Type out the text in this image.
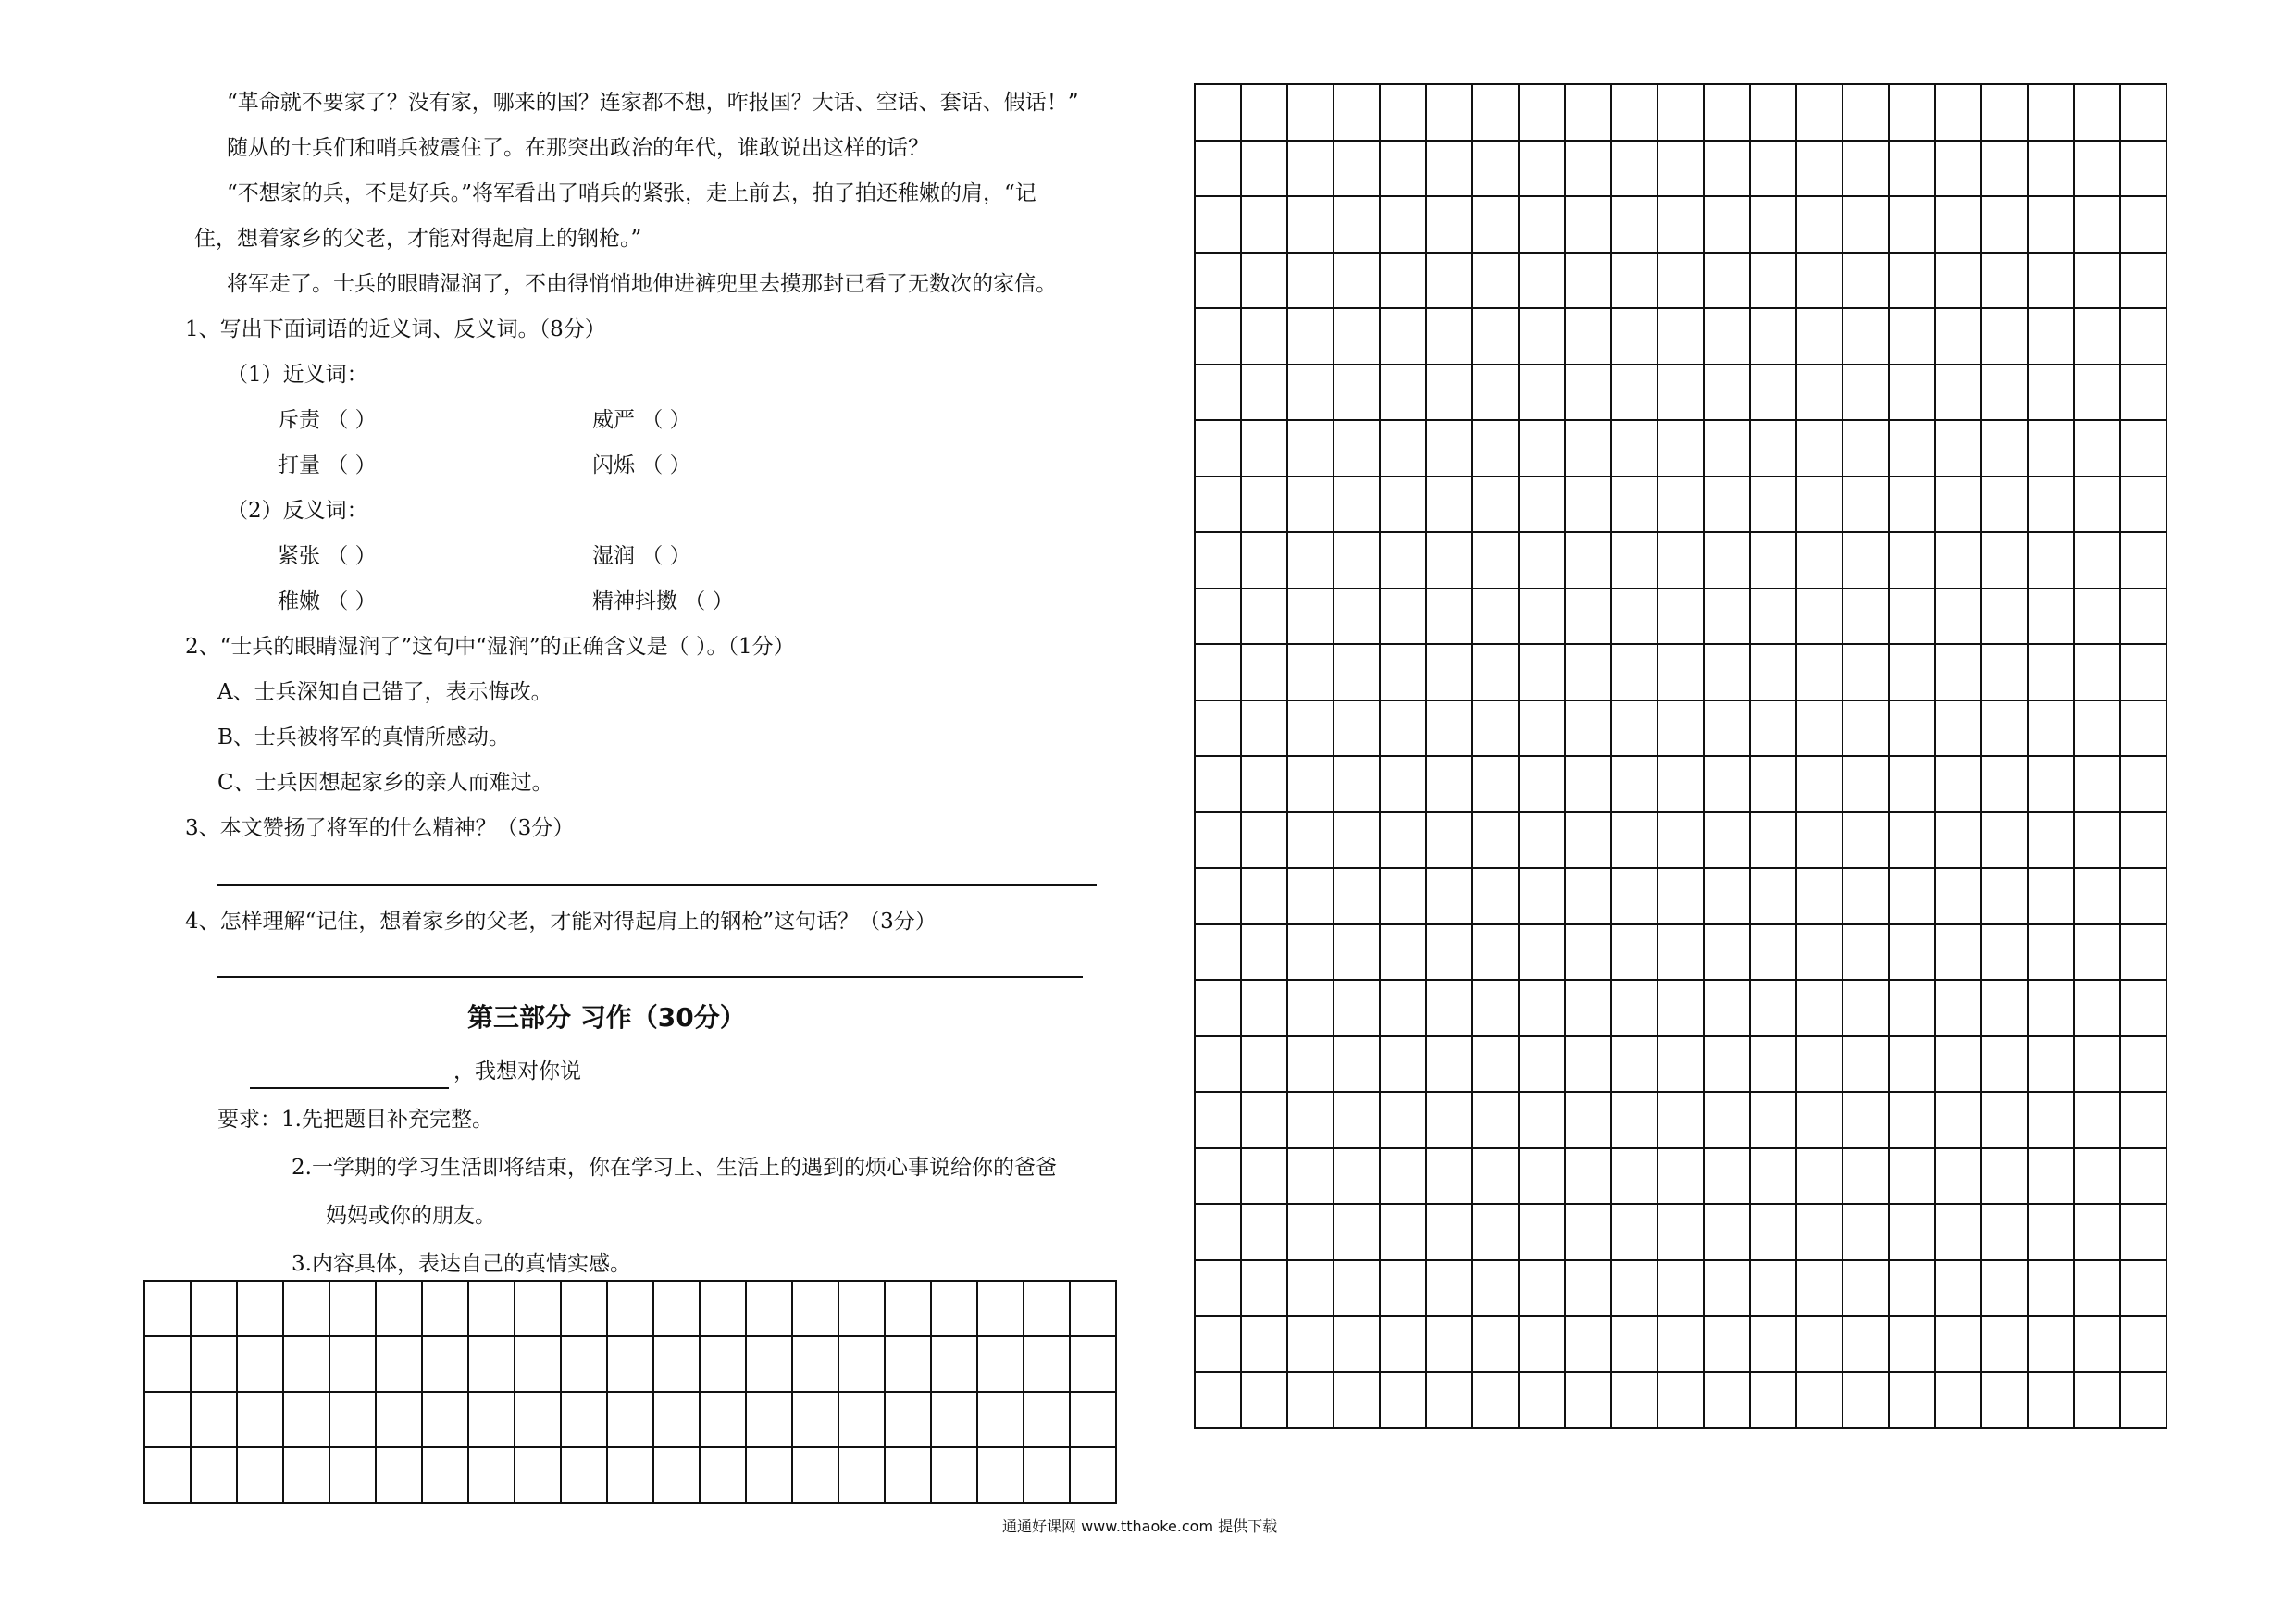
“革命就不要家了？没有家，哪来的国？连家都不想，咋报国？大话、空话、套话、假话！”
随从的士兵们和哨兵被震住了。在那突出政治的年代，谁敢说出这样的话？
“不想家的兵，不是好兵。”将军看出了哨兵的紧张，走上前去，拍了拍还稚嫩的肩，“记
住，想着家乡的父老，才能对得起肩上的钢枪。”
将军走了。士兵的眼睛湿润了，不由得悄悄地伸进裤兜里去摸那封已看了无数次的家信。
1、写出下面词语的近义词、反义词。（8分）
（1）近义词：
斥责 （ ）	威严 （ ）
打量 （ ）	闪烁 （ ）
（2）反义词：
紧张 （ ）	湿润 （ ）
稚嫩 （ ）	精神抖擞 （ ）
2、“士兵的眼睛湿润了”这句中“湿润”的正确含义是（ ）。（1分）
A、士兵深知自己错了，表示悔改。
B、士兵被将军的真情所感动。
C、士兵因想起家乡的亲人而难过。
3、本文赞扬了将军的什么精神？（3分）
4、怎样理解“记住，想着家乡的父老，才能对得起肩上的钢枪”这句话？（3分）
第三部分 习作（30分）
，我想对你说
要求：1.先把题目补充完整。
2.一学期的学习生活即将结束，你在学习上、生活上的遇到的烦心事说给你的爸爸
妈妈或你的朋友。
3.内容具体，表达自己的真情实感。
通通好课网 www.tthaoke.com 提供下载
